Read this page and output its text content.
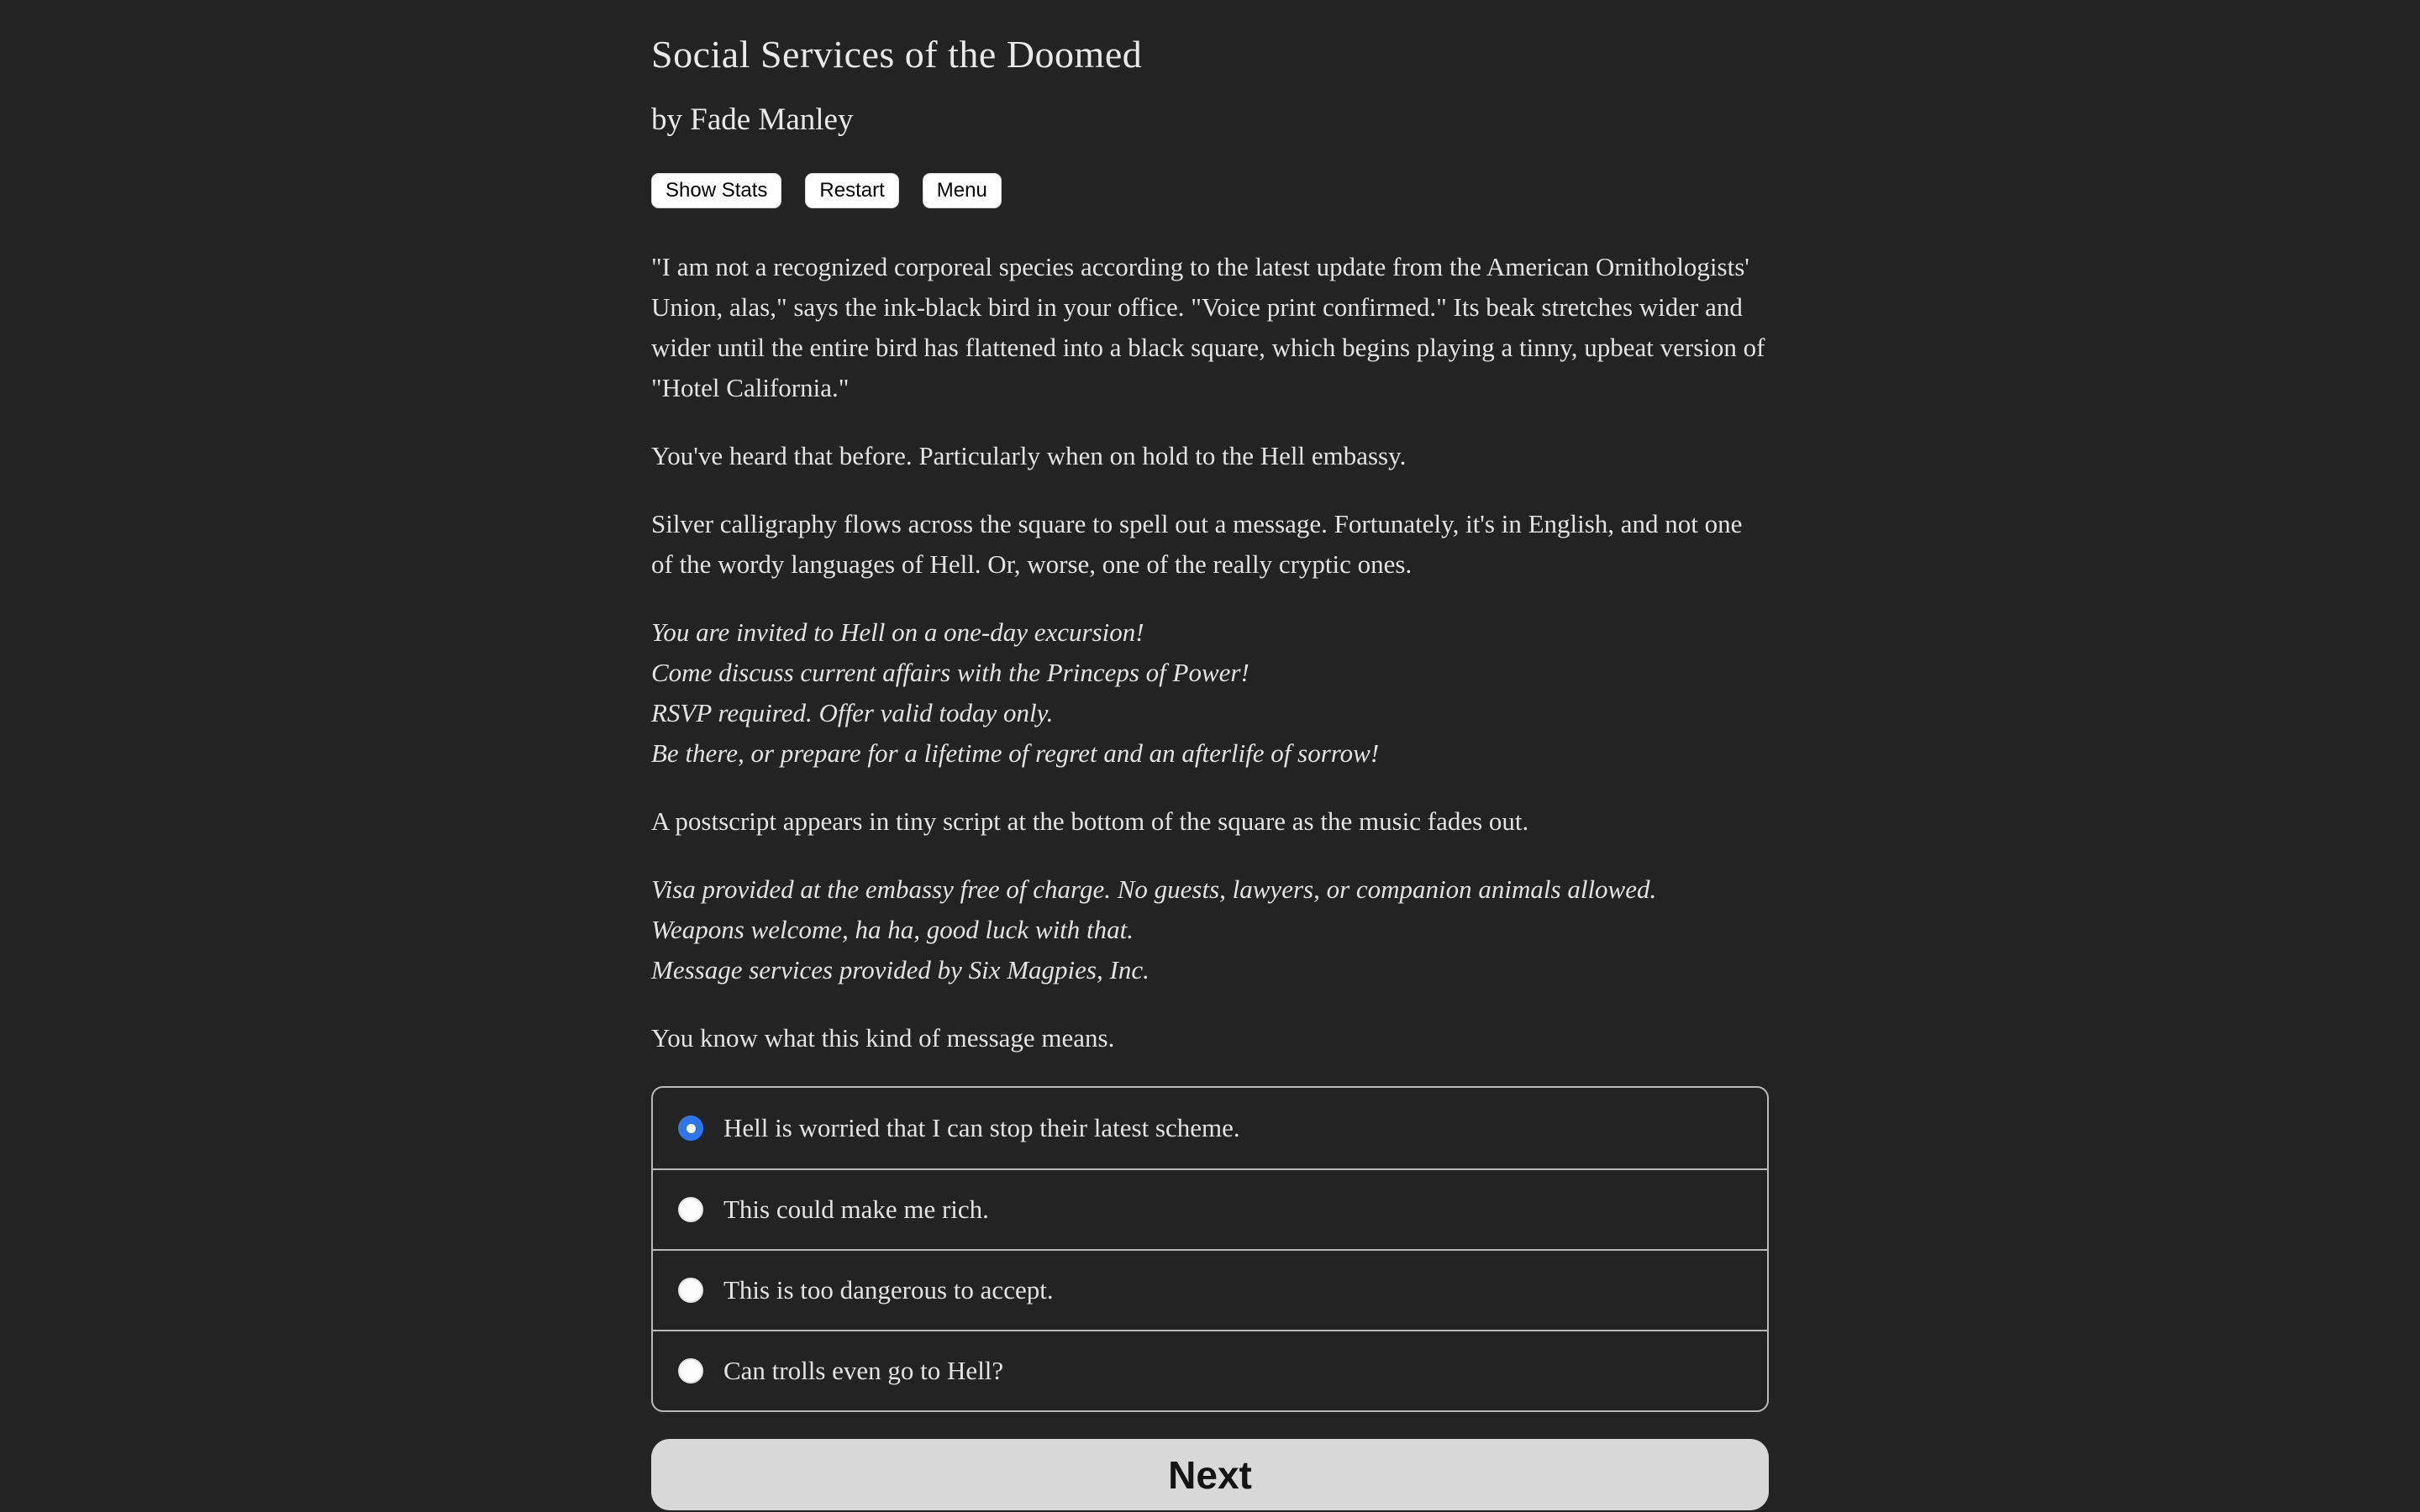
Social Services of the Doomed
by Fade Manley
Show Stats	Restart	Menu

"I am not a recognized corporeal species according to the latest update from the American Ornithologists' Union, alas," says the ink-black bird in your office. "Voice print confirmed." Its beak stretches wider and wider until the entire bird has flattened into a black square, which begins playing a tinny, upbeat version of "Hotel California."

You've heard that before. Particularly when on hold to the Hell embassy.

Silver calligraphy flows across the square to spell out a message. Fortunately, it's in English, and not one of the wordy languages of Hell. Or, worse, one of the really cryptic ones.

You are invited to Hell on a one-day excursion!
Come discuss current affairs with the Princeps of Power!
RSVP required. Offer valid today only.
Be there, or prepare for a lifetime of regret and an afterlife of sorrow!

A postscript appears in tiny script at the bottom of the square as the music fades out.

Visa provided at the embassy free of charge. No guests, lawyers, or companion animals allowed.
Weapons welcome, ha ha, good luck with that.
Message services provided by Six Magpies, Inc.

You know what this kind of message means.

Hell is worried that I can stop their latest scheme.
This could make me rich.
This is too dangerous to accept.
Can trolls even go to Hell?
Next
